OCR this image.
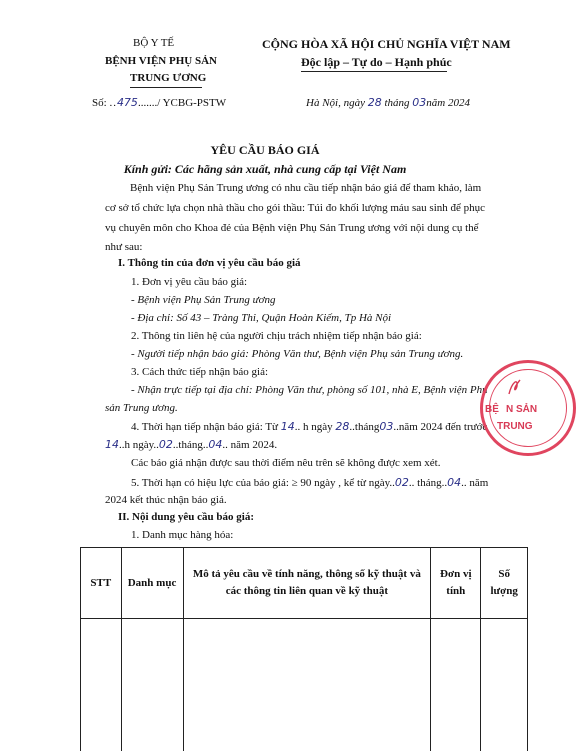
BỘ Y TẾ
BỆNH VIỆN PHỤ SẢN
TRUNG ƯƠNG
Số: ..475......./ YCBG-PSTW
CỘNG HÒA XÃ HỘI CHỦ NGHĨA VIỆT NAM
Độc lập – Tự do – Hạnh phúc
Hà Nội, ngày 28 tháng 03năm 2024
YÊU CẦU BÁO GIÁ
Kính gửi: Các hãng sản xuất, nhà cung cấp tại Việt Nam
Bệnh viện Phụ Sản Trung ương có nhu cầu tiếp nhận báo giá để tham khảo, làm
cơ sở tổ chức lựa chọn nhà thầu cho gói thầu: Túi đo khối lượng máu sau sinh để phục
vụ chuyên môn cho Khoa đẻ của Bệnh viện Phụ Sản Trung ương với nội dung cụ thể
như sau:
I. Thông tin của đơn vị yêu cầu báo giá
1. Đơn vị yêu cầu báo giá:
- Bệnh viện Phụ Sản Trung ương
- Địa chỉ: Số 43 – Tràng Thi, Quận Hoàn Kiếm, Tp Hà Nội
2. Thông tin liên hệ của người chịu trách nhiệm tiếp nhận báo giá:
- Người tiếp nhận báo giá: Phòng Văn thư, Bệnh viện Phụ sản Trung ương.
3. Cách thức tiếp nhận báo giá:
- Nhận trực tiếp tại địa chỉ: Phòng Văn thư, phòng số 101, nhà E, Bệnh viện Phụ
sản Trung ương.
4. Thời hạn tiếp nhận báo giá: Từ 14.. h ngày 28..tháng03..năm 2024 đến trước
14..h ngày..02..tháng..04.. năm 2024.
Các báo giá nhận được sau thời điểm nêu trên sẽ không được xem xét.
5. Thời hạn có hiệu lực của báo giá: ≥ 90 ngày , kể từ ngày..02.. tháng..04.. năm
2024 kết thúc nhận báo giá.
II. Nội dung yêu cầu báo giá:
1. Danh mục hàng hóa:
STT	Danh mục	Mô tả yêu cầu về tính năng, thông số kỹ thuật và các thông tin liên quan về kỹ thuật	Đơn vị tính	Số lượng

BỆ N SẢN
TRUNG
